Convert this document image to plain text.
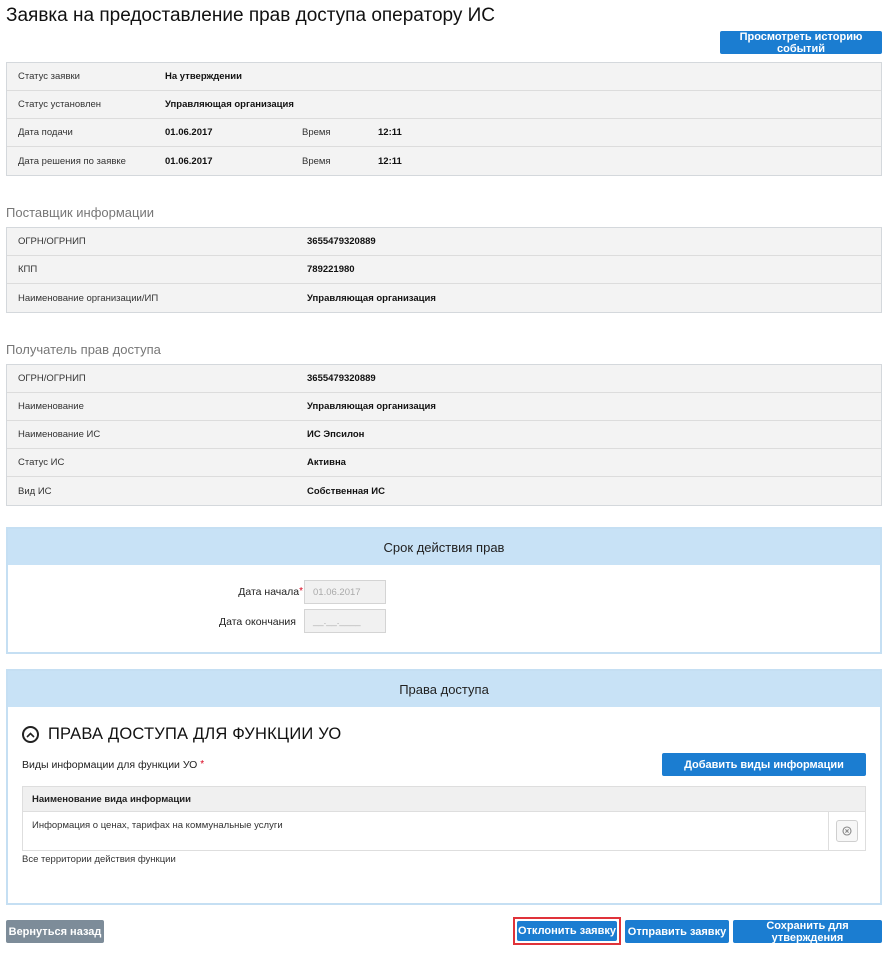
Заявка на предоставление прав доступа оператору ИС
Просмотреть историю событий
Статус заявки	На утверждении
Статус установлен	Управляющая организация
Дата подачи	01.06.2017	Время	12:11
Дата решения по заявке	01.06.2017	Время	12:11
Поставщик информации
ОГРН/ОГРНИП	3655479320889
КПП	789221980
Наименование организации/ИП	Управляющая организация
Получатель прав доступа
ОГРН/ОГРНИП	3655479320889
Наименование	Управляющая организация
Наименование ИС	ИС Эпсилон
Статус ИС	Активна
Вид ИС	Собственная ИС
Срок действия прав
Дата начала*	01.06.2017
Дата окончания	__.__.____
Права доступа
ПРАВА ДОСТУПА ДЛЯ ФУНКЦИИ УО
Виды информации для функции УО *	Добавить виды информации
Наименование вида информации
Информация о ценах, тарифах на коммунальные услуги
Все территории действия функции
Вернуться назад	Отклонить заявку Отправить заявку	Сохранить для утверждения
